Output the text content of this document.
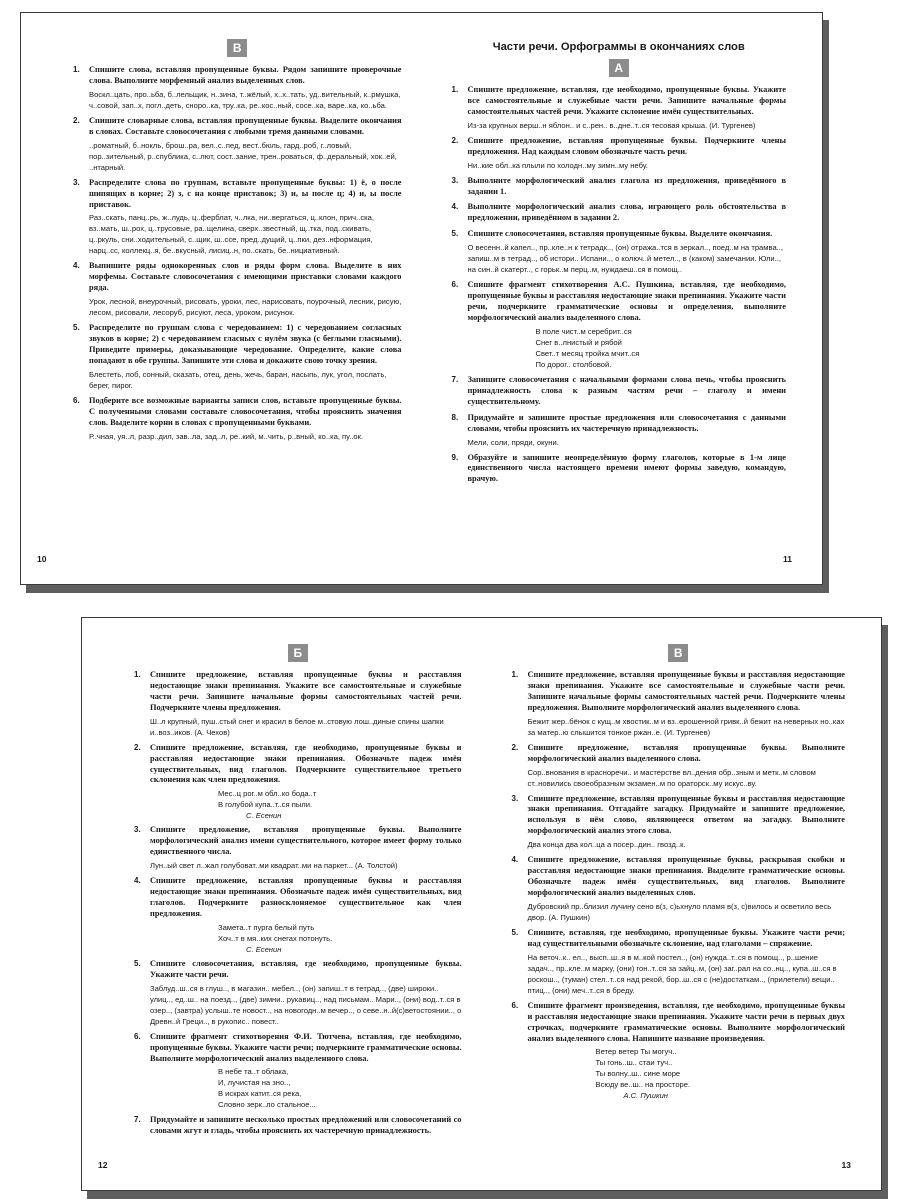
В
1.	Спишите слова, вставляя пропущенные буквы. Рядом запишите проверочные слова. Выполните морфемный анализ выделенных слов.
Воскл..цать, про..ьба, б..лельщик, н..зина, т..жёлый, х..х..тать, уд..вительный, к..рмушка, ч..совой, зап..х, погл..деть, сноро..ка, тру..ка, ре..кос..ный, сосе..ка, варе..ка, ко..ьба.
2.	Спишите словарные слова, вставляя пропущенные буквы. Выделите окончания в словах. Составьте словосочетания с любыми тремя данными словами.
..роматный, б..нокль, брош..ра, вел..с..пед, вест..бюль, гард..роб, г..ловый, пор..зительный, р..спублика, с..лют, сост..зание, трен..роваться, ф..деральный, хок..ей, ..нтарный.
3.	Распределите слова по группам, вставьте пропущенные буквы: 1) ё, о после шипящих в корне; 2) з, с на конце приставок; 3) и, ы после ц; 4) и, ы после приставок.
Раз..скать, панц..рь, ж..лудь, ц..ферблат, ч..лка, ни..вергаться, ц..клон, прич..ска, вз..мать, ш..рох, ц..трусовые, ра..щелина, сверх..звестный, щ..тка, под..скивать, ц..ркуль, сни..ходительный, с..щик, ш..ссе, пред..дущий, ц..пки, дез..нформация, нарц..сс, коллекц..я, бе..вкусный, лисиц..н, по..скать, бе..нициативный.
4.	Выпишите ряды однокоренных слов и ряды форм слова. Выделите в них морфемы. Составьте словосочетания с имеющими приставки словами каждого ряда.
Урок, лесной, внеурочный, рисовать, уроки, лес, нарисовать, поурочный, лесник, рисую, лесом, рисовали, лесоруб, рисуют, леса, уроком, рисунок.
5.	Распределите по группам слова с чередованием: 1) с чередованием согласных звуков в корне; 2) с чередованием гласных с нулём звука (с беглыми гласными). Приведите примеры, доказывающие чередование. Определите, какие слова попадают в обе группы. Запишите эти слова и докажите свою точку зрения.
Блестеть, лоб, сонный, сказать, отец, день, жечь, баран, насыпь, лук, угол, послать, берег, пирог.
6.	Подберите все возможные варианты записи слов, вставьте пропущенные буквы. С полученными словами составьте словосочетания, чтобы прояснить значения слов. Выделите корни в словах с пропущенными буквами.
Р..чная, уя..л, разр..дил, зав..ла, зад..л, ре..кий, м..чить, р..вный, ко..ка, пу..ок.
10
Части речи. Орфограммы в окончаниях слов
А
1.	Спишите предложение, вставляя, где необходимо, пропущенные буквы. Укажите все самостоятельные и служебные части речи. Запишите начальные формы самостоятельных частей речи. Укажите склонение имён существительных.
Из-за крупных верш..н яблон.. и с..рен.. в..дне..т..ся тесовая крыша. (И. Тургенев)
2.	Спишите предложение, вставляя пропущенные буквы. Подчеркните члены предложения. Над каждым словом обозначьте часть речи.
Ни..кие обл..ка плыли по холодн..му зимн..му небу.
3.	Выполните морфологический анализ глагола из предложения, приведённого в задании 1.
4.	Выполните морфологический анализ слова, играющего роль обстоятельства в предложении, приведённом в задании 2.
5.	Спишите словосочетания, вставляя пропущенные буквы. Выделите окончания.
О весенн..й капел.., пр..кле..н к тетрадк.., (он) отража..тся в зеркал.., поед..м на трамва.., запиш..м в тетрад.., об истори.. Испани.., о колюч..й метел.., в (каком) замечании. Юли.., на син..й скатерт.., с горьк..м перц..м, нуждаеш..ся в помощ..
6.	Спишите фрагмент стихотворения А.С. Пушкина, вставляя, где необходимо, пропущенные буквы и расставляя недостающие знаки препинания. Укажите части речи, подчеркните грамматические основы и определения, выполните морфологический анализ выделенного слова.
В поле чист..м серебрит..ся
Снег в..лнистый и рябой
Свет..т месяц тройка мчит..ся
По дорог.. столбовой.
7.	Запишите словосочетания с начальными формами слова печь, чтобы прояснить принадлежность слова к разным частям речи – глаголу и имени существительному.
8.	Придумайте и запишите простые предложения или словосочетания с данными словами, чтобы прояснить их частеречную принадлежность.
Мели, соли, пряди, окуни.
9.	Образуйте и запишите неопределённую форму глаголов, которые в 1-м лице единственного числа настоящего времени имеют формы заведую, командую, врачую.
11
Б
1.	Спишите предложение, вставляя пропущенные буквы и расставляя недостающие знаки препинания. Укажите все самостоятельные и служебные части речи. Запишите начальные формы самостоятельных частей речи. Подчеркните члены предложения.
Ш..л крупный, пуш..стый снег и красил в белое м..стовую лош..диные спины шапки и..воз..иков. (А. Чехов)
2.	Спишите предложение, вставляя, где необходимо, пропущенные буквы и расставляя недостающие знаки препинания. Обозначьте падеж имён существительных, вид глаголов. Подчеркните существительное третьего склонения как член предложения.
Мес..ц рог..м обл..ко бода..т
В голубой купа..т..ся пыли.
С. Есенин
3.	Спишите предложение, вставляя пропущенные буквы. Выполните морфологический анализ имени существительного, которое имеет форму только единственного числа.
Лун..ый свет л..жал голубоват..ми квадрат..ми на паркет... (А. Толстой)
4.	Спишите предложение, вставляя пропущенные буквы и расставляя недостающие знаки препинания. Обозначьте падеж имён существительных, вид глаголов. Подчеркните разносклоняемое существительное как член предложения.
Замета..т пурга белый путь
Хоч..т в мя..ких снегах потонуть.
С. Есенин
5.	Спишите словосочетания, вставляя, где необходимо, пропущенные буквы. Укажите части речи.
Заблуд..ш..ся в глуш.., в магазин.. мебел.., (он) запиш..т в тетрад.., (две) широки.. улиц.., ед..ш.. на поезд.., (две) зимни.. рукавиц.., над письмам.. Мари.., (они) вод..т..ся в озер.., (завтра) услыш..те новост.., на новогодн..м вечер.., о севе..н..й(с)ветостоянии.., о Древн..й Греци.., в рукопис.. повест..
6.	Спишите фрагмент стихотворения Ф.И. Тютчева, вставляя, где необходимо, пропущенные буквы. Укажите части речи; подчеркните грамматические основы. Выполните морфологический анализ выделенного слова.
В небе та..т облака,
И, лучистая на зно..,
В искрах катит..ся река,
Словно зерк..ло стальное...
7.	Придумайте и запишите несколько простых предложений или словосочетаний со словами жгут и гладь, чтобы прояснить их частеречную принадлежность.
12
В
1.	Спишите предложение, вставляя пропущенные буквы и расставляя недостающие знаки препинания. Укажите все самостоятельные и служебные части речи. Запишите начальные формы самостоятельных частей речи. Подчеркните члены предложения. Выполните морфологический анализ выделенного слова.
Бежит жер..бёнок с кущ..м хвостик..м и вз..ерошенной гривк..й бежит на неверных но..ках за матер..ю слышится тонкое ржан..е. (И. Тургенев)
2.	Спишите предложение, вставляя пропущенные буквы. Выполните морфологический анализ выделенного слова.
Сор..внования в красноречи.. и мастерстве вл..дения обр..зным и метк..м словом ст..новились своеобразным экзамен..м по ораторск..му искус..ву.
3.	Спишите предложение, вставляя пропущенные буквы и расставляя недостающие знаки препинания. Отгадайте загадку. Придумайте и запишите предложение, используя в нём слово, являющееся ответом на загадку. Выполните морфологический анализ этого слова.
Два конца два кол..ца а посер..дин.. гвозд..к.
4.	Спишите предложение, вставляя пропущенные буквы, раскрывая скобки и расставляя недостающие знаки препинания. Выделите грамматические основы. Обозначьте падеж имён существительных, вид глаголов. Выполните морфологический анализ выделенных слов.
Дубровский пр..близил лучину сено в(з, с)ьхнуло пламя в(з, с)вилось и осветило весь двор. (А. Пушкин)
5.	Спишите, вставляя, где необходимо, пропущенные буквы. Укажите части речи; над существительными обозначьте склонение, над глаголами – спряжение.
На веточ..к.. ел.., высп..ш..я в м..кой постел.., (он) нужда..т..ся в помощ.., р..шение задач.., пр..кле..м марку, (они) гон..т..ся за зайц..м, (он) заг..рал на со..нц.., купа..ш..ся в роскош.., (туман) стел..т..ся над рекой, бор..ш..ся с (не)достаткам.., (прилетели) вещи.. птиц.., (они) меч..т..ся в бреду.
6.	Спишите фрагмент произведения, вставляя, где необходимо, пропущенные буквы и расставляя недостающие знаки препинания. Укажите части речи в первых двух строчках, подчеркните грамматические основы. Выполните морфологический анализ выделенного слова. Напишите название произведения.
Ветер ветер Ты могуч..
Ты гонь..ш.. стаи туч..
Ты волну..ш.. сине море
Всюду ве..ш.. на просторе.
А.С. Пушкин
13
